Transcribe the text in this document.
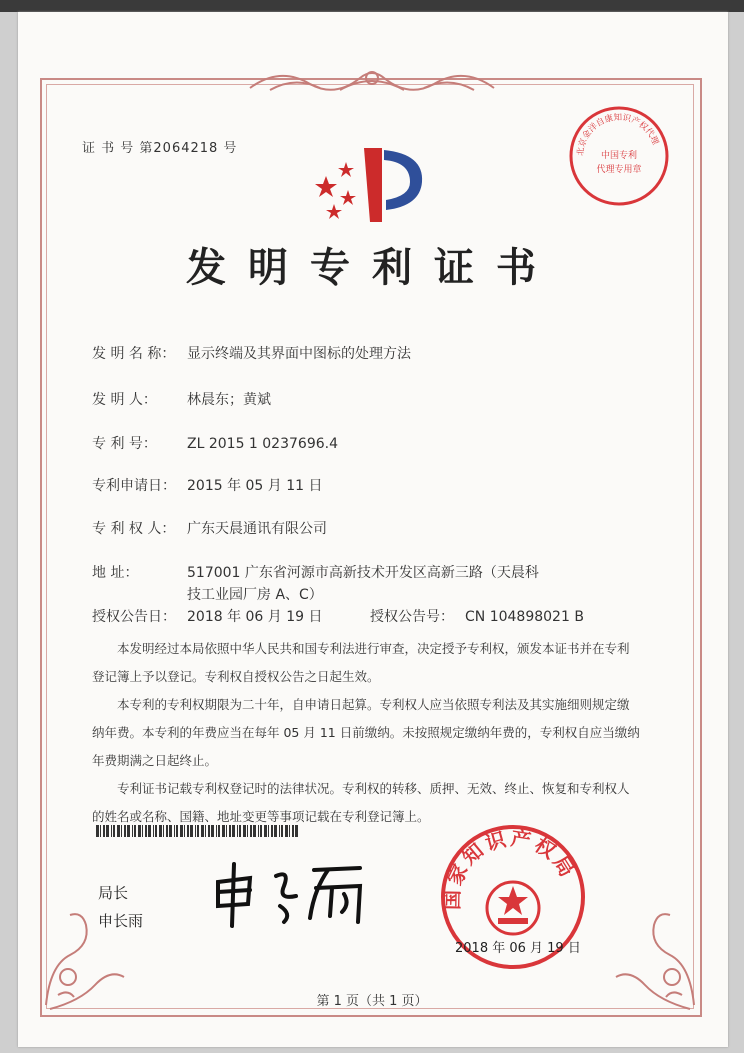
北京金洋自康知识产权代理
中国专利
代理专用章
证 书 号 第2064218 号
发明专利证书
发 明 名 称： 显示终端及其界面中图标的处理方法
发 明 人： 林晨东；黄斌
专 利 号： ZL 2015 1 0237696.4
专利申请日： 2015 年 05 月 11 日
专 利 权 人： 广东天晨通讯有限公司
地 址：	517001 广东省河源市高新技术开发区高新三路（天晨科
技工业园厂房 A、C）
授权公告日： 2018 年 06 月 19 日	授权公告号： CN 104898021 B

本发明经过本局依照中华人民共和国专利法进行审查，决定授予专利权，颁发本证书并在专利登记簿上予以登记。专利权自授权公告之日起生效。

本专利的专利权期限为二十年，自申请日起算。专利权人应当依照专利法及其实施细则规定缴纳年费。本专利的年费应当在每年 05 月 11 日前缴纳。未按照规定缴纳年费的，专利权自应当缴纳年费期满之日起终止。

专利证书记载专利权登记时的法律状况。专利权的转移、质押、无效、终止、恢复和专利权人的姓名或名称、国籍、地址变更等事项记载在专利登记簿上。

局长
申长雨
国家知识产权局
2018 年 06 月 19 日
第 1 页（共 1 页）
